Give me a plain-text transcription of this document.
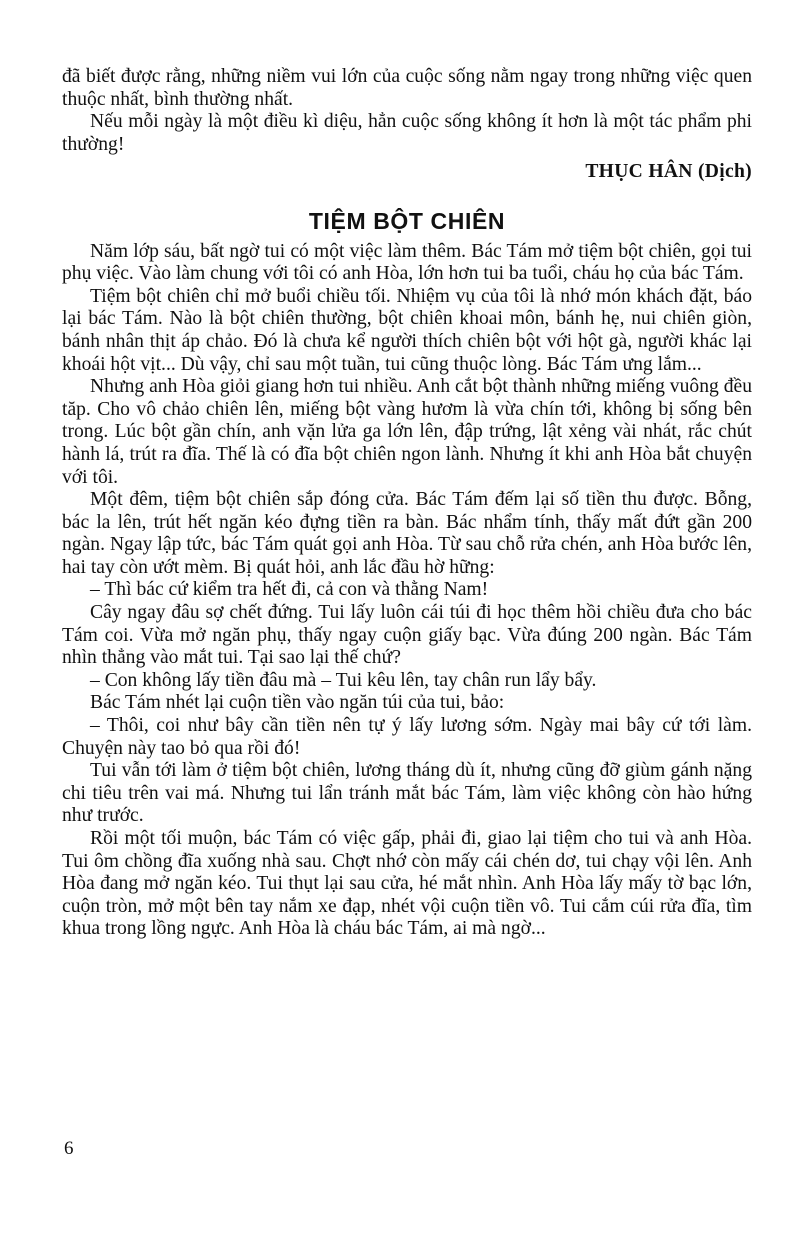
đã biết được rằng, những niềm vui lớn của cuộc sống nằm ngay trong những việc quen thuộc nhất, bình thường nhất.

Nếu mỗi ngày là một điều kì diệu, hẳn cuộc sống không ít hơn là một tác phẩm phi thường!

THỤC HÂN (Dịch)
TIỆM BỘT CHIÊN

Năm lớp sáu, bất ngờ tui có một việc làm thêm. Bác Tám mở tiệm bột chiên, gọi tui phụ việc. Vào làm chung với tôi có anh Hòa, lớn hơn tui ba tuổi, cháu họ của bác Tám.

Tiệm bột chiên chỉ mở buổi chiều tối. Nhiệm vụ của tôi là nhớ món khách đặt, báo lại bác Tám. Nào là bột chiên thường, bột chiên khoai môn, bánh hẹ, nui chiên giòn, bánh nhân thịt áp chảo. Đó là chưa kể người thích chiên bột với hột gà, người khác lại khoái hột vịt... Dù vậy, chỉ sau một tuần, tui cũng thuộc lòng. Bác Tám ưng lắm...

Nhưng anh Hòa giỏi giang hơn tui nhiều. Anh cắt bột thành những miếng vuông đều tăp. Cho vô chảo chiên lên, miếng bột vàng hươm là vừa chín tới, không bị sống bên trong. Lúc bột gần chín, anh vặn lửa ga lớn lên, đập trứng, lật xẻng vài nhát, rắc chút hành lá, trút ra đĩa. Thế là có đĩa bột chiên ngon lành. Nhưng ít khi anh Hòa bắt chuyện với tôi.

Một đêm, tiệm bột chiên sắp đóng cửa. Bác Tám đếm lại số tiền thu được. Bỗng, bác la lên, trút hết ngăn kéo đựng tiền ra bàn. Bác nhẩm tính, thấy mất đứt gần 200 ngàn. Ngay lập tức, bác Tám quát gọi anh Hòa. Từ sau chỗ rửa chén, anh Hòa bước lên, hai tay còn ướt mèm. Bị quát hỏi, anh lắc đầu hờ hững:

– Thì bác cứ kiểm tra hết đi, cả con và thằng Nam!

Cây ngay đâu sợ chết đứng. Tui lấy luôn cái túi đi học thêm hồi chiều đưa cho bác Tám coi. Vừa mở ngăn phụ, thấy ngay cuộn giấy bạc. Vừa đúng 200 ngàn. Bác Tám nhìn thẳng vào mắt tui. Tại sao lại thế chứ?

– Con không lấy tiền đâu mà – Tui kêu lên, tay chân run lẩy bẩy.

Bác Tám nhét lại cuộn tiền vào ngăn túi của tui, bảo:

– Thôi, coi như bây cần tiền nên tự ý lấy lương sớm. Ngày mai bây cứ tới làm. Chuyện này tao bỏ qua rồi đó!

Tui vẫn tới làm ở tiệm bột chiên, lương tháng dù ít, nhưng cũng đỡ giùm gánh nặng chi tiêu trên vai má. Nhưng tui lẩn tránh mắt bác Tám, làm việc không còn hào hứng như trước.

Rồi một tối muộn, bác Tám có việc gấp, phải đi, giao lại tiệm cho tui và anh Hòa. Tui ôm chồng đĩa xuống nhà sau. Chợt nhớ còn mấy cái chén dơ, tui chạy vội lên. Anh Hòa đang mở ngăn kéo. Tui thụt lại sau cửa, hé mắt nhìn. Anh Hòa lấy mấy tờ bạc lớn, cuộn tròn, mở một bên tay nắm xe đạp, nhét vội cuộn tiền vô. Tui cắm cúi rửa đĩa, tìm khua trong lồng ngực. Anh Hòa là cháu bác Tám, ai mà ngờ...

6
